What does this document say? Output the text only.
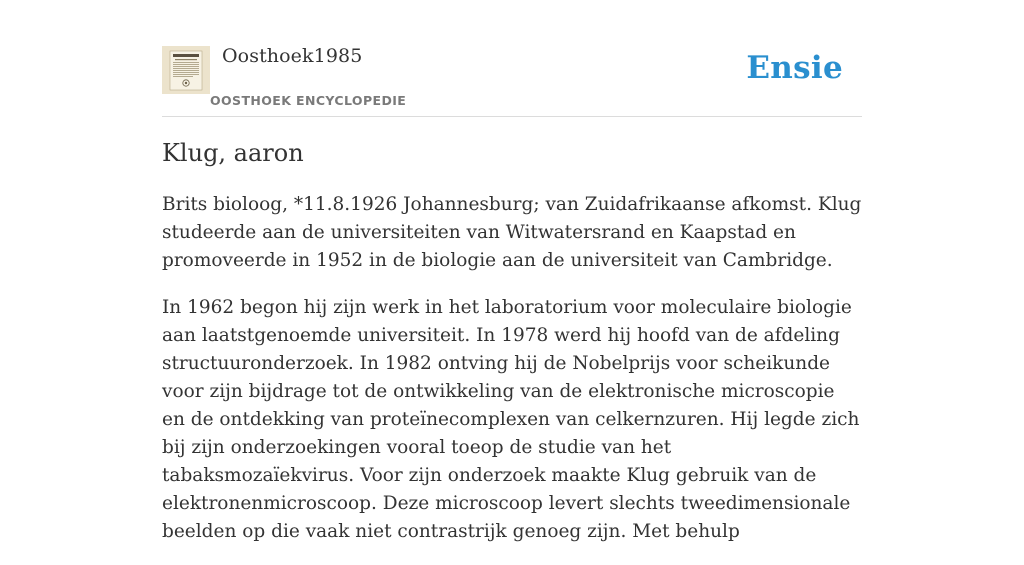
Oosthoek1985
OOSTHOEK ENCYCLOPEDIE
Ensie
Klug, aaron

Brits bioloog, *11.8.1926 Johannesburg; van Zuidafrikaanse afkomst. Klug studeerde aan de universiteiten van Witwatersrand en Kaapstad en promoveerde in 1952 in de biologie aan de universiteit van Cambridge.

In 1962 begon hij zijn werk in het laboratorium voor moleculaire biologie aan laatstgenoemde universiteit. In 1978 werd hij hoofd van de afdeling structuuronderzoek. In 1982 ontving hij de Nobelprijs voor scheikunde voor zijn bijdrage tot de ontwikkeling van de elektronische microscopie en de ontdekking van proteïnecomplexen van celkernzuren. Hij legde zich bij zijn onderzoekingen vooral toeop de studie van het tabaksmozaïekvirus. Voor zijn onderzoek maakte Klug gebruik van de elektronenmicroscoop. Deze microscoop levert slechts tweedimensionale beelden op die vaak niet contrastrijk genoeg zijn. Met behulp
